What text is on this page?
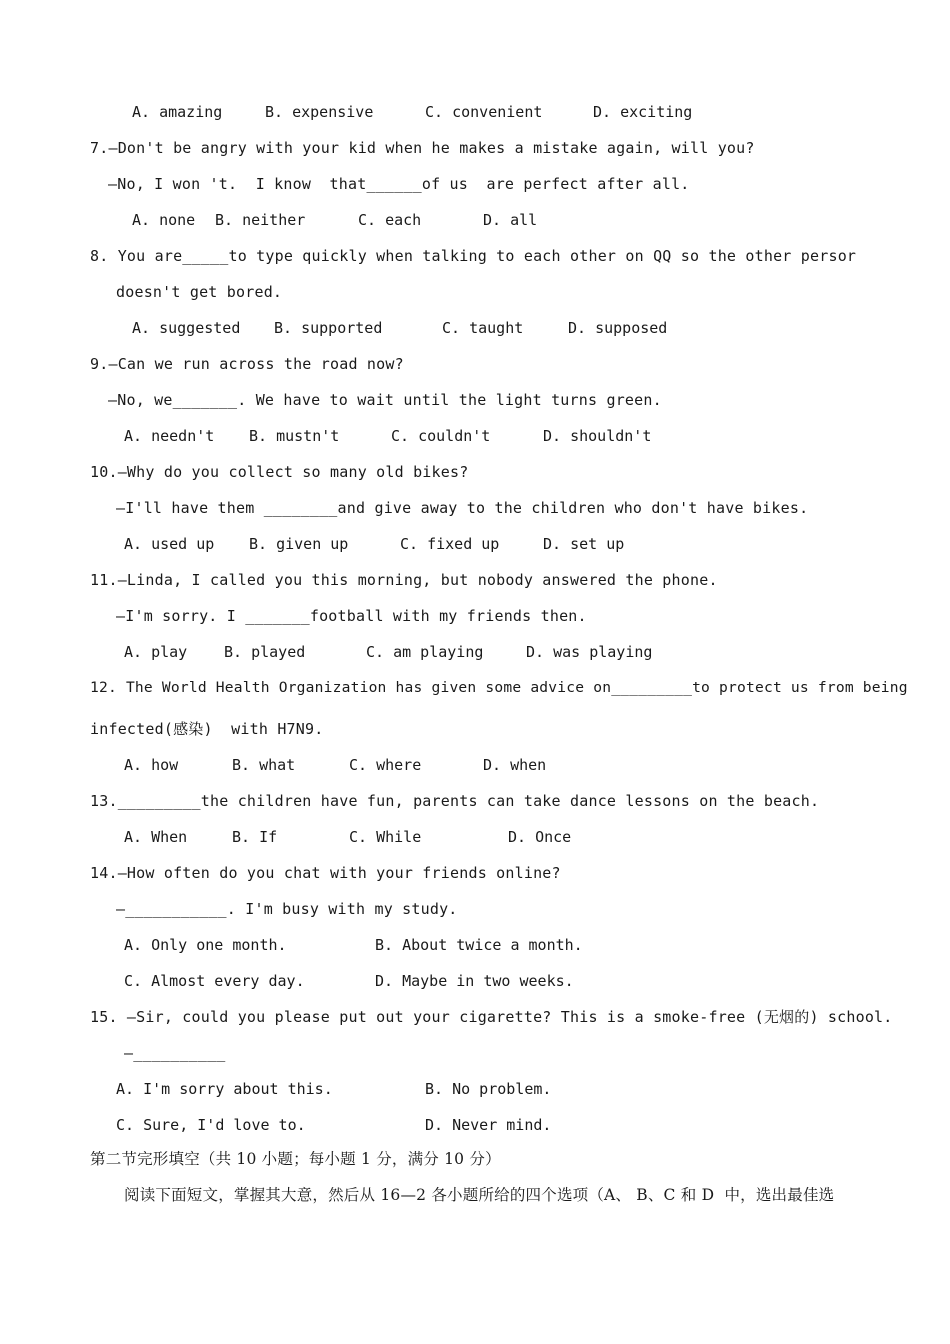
A. amazing	B. expensive	C. convenient	D. exciting
7.—Don't be angry with your kid when he makes a mistake again, will you?
—No, I won 't.  I know  that______of us  are perfect after all.
A. none B. neither	C. each	D. all
8. You are_____to type quickly when talking to each other on QQ so the other persor
doesn't get bored.
A. suggested B. supported	C. taught	D. supposed
9.—Can we run across the road now?
—No, we_______. We have to wait until the light turns green.
A. needn't B. mustn't	C. couldn't	D. shouldn't
10.—Why do you collect so many old bikes?
—I'll have them ________and give away to the children who don't have bikes.
A. used up B. given up	C. fixed up	D. set up
11.—Linda, I called you this morning, but nobody answered the phone.
—I'm sorry. I _______football with my friends then.
A. play B. played	C. am playing	D. was playing
12. The World Health Organization has given some advice on_________to protect us from being
infected(感染)  with H7N9.
A. how	B. what	C. where	D. when
13._________the children have fun, parents can take dance lessons on the beach.
A. When	B. If	C. While	D. Once
14.—How often do you chat with your friends online?
—___________. I'm busy with my study.
A. Only one month.	B. About twice a month.
C. Almost every day.	D. Maybe in two weeks.
15. —Sir, could you please put out your cigarette? This is a smoke-free (无烟的) school.
—__________
A. I'm sorry about this.	B. No problem.
C. Sure, I'd love to.	D. Never mind.
第二节完形填空（共 10 小题；每小题 1 分，满分 10 分）
阅读下面短文，掌握其大意，然后从 16—2 各小题所给的四个选项（A、 B、C 和 D  中，选出最佳选
